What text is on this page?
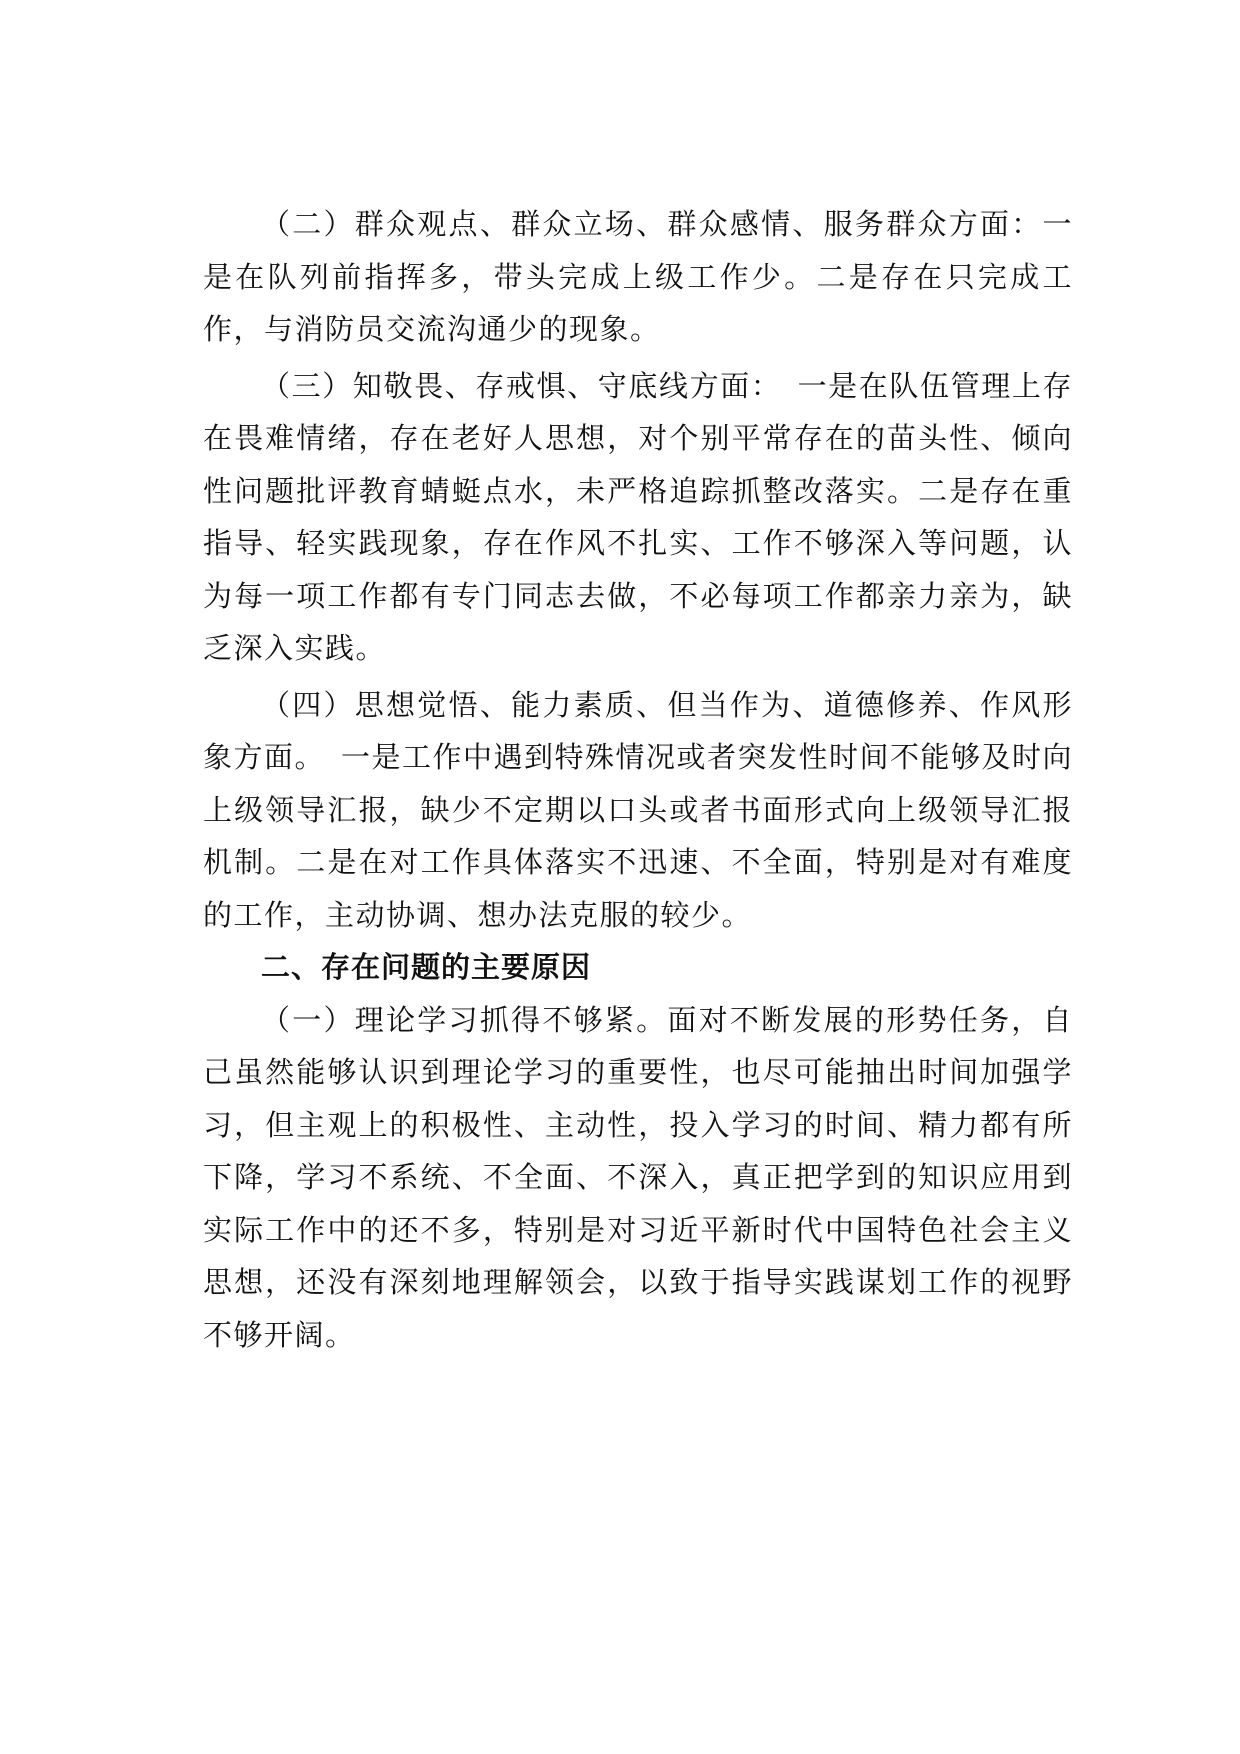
（二）群众观点、群众立场、群众感情、服务群众方面：一是在队列前指挥多，带头完成上级工作少。二是存在只完成工作，与消防员交流沟通少的现象。

（三）知敬畏、存戒惧、守底线方面：　一是在队伍管理上存在畏难情绪，存在老好人思想，对个别平常存在的苗头性、倾向性问题批评教育蜻蜓点水，未严格追踪抓整改落实。二是存在重指导、轻实践现象，存在作风不扎实、工作不够深入等问题，认为每一项工作都有专门同志去做，不必每项工作都亲力亲为，缺乏深入实践。

（四）思想觉悟、能力素质、但当作为、道德修养、作风形象方面。　一是工作中遇到特殊情况或者突发性时间不能够及时向上级领导汇报，缺少不定期以口头或者书面形式向上级领导汇报机制。二是在对工作具体落实不迅速、不全面，特别是对有难度的工作，主动协调、想办法克服的较少。

二、存在问题的主要原因

（一）理论学习抓得不够紧。面对不断发展的形势任务，自己虽然能够认识到理论学习的重要性，也尽可能抽出时间加强学习，但主观上的积极性、主动性，投入学习的时间、精力都有所下降，学习不系统、不全面、不深入，真正把学到的知识应用到实际工作中的还不多，特别是对习近平新时代中国特色社会主义思想，还没有深刻地理解领会，以致于指导实践谋划工作的视野不够开阔。
